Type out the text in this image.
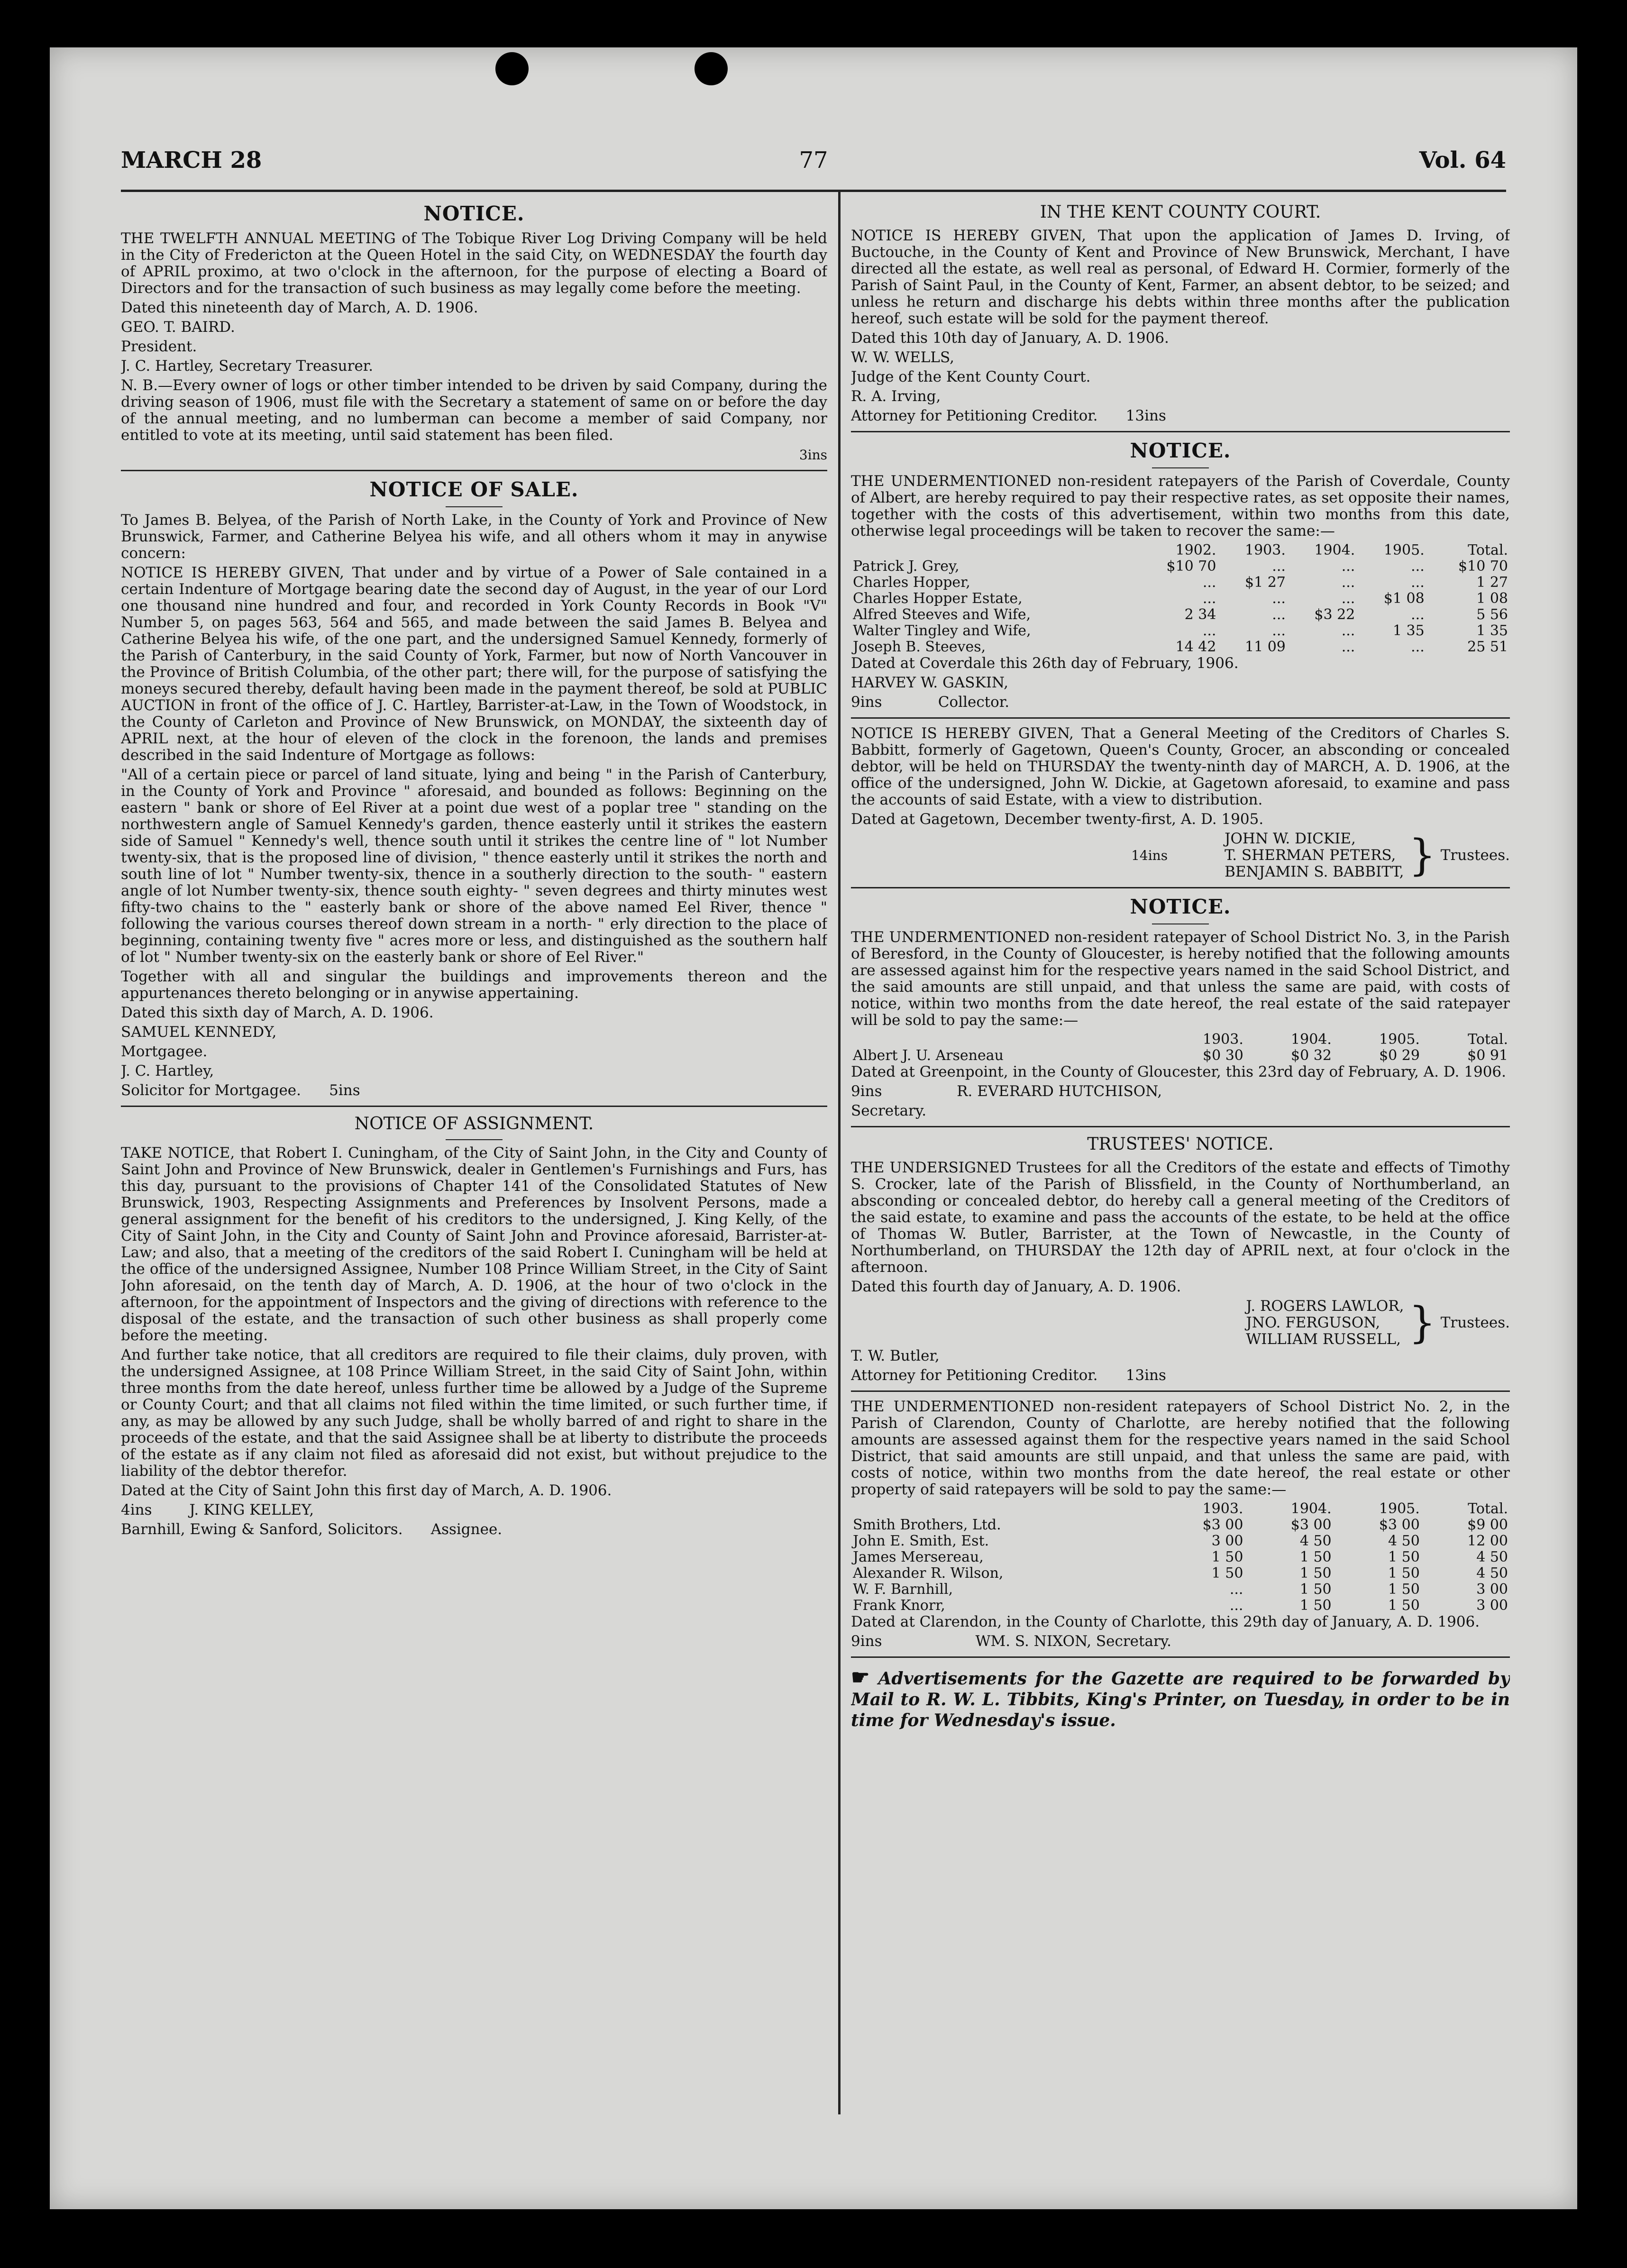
MARCH 28	77	Vol. 64
NOTICE.

THE TWELFTH ANNUAL MEETING of The Tobique River Log Driving Company will be held in the City of Fredericton at the Queen Hotel in the said City, on WEDNESDAY the fourth day of APRIL proximo, at two o'clock in the afternoon, for the purpose of electing a Board of Directors and for the transaction of such business as may legally come before the meeting.

Dated this nineteenth day of March, A. D. 1906.

GEO. T. BAIRD.

President.

J. C. Hartley, Secretary Treasurer.

N. B.—Every owner of logs or other timber intended to be driven by said Company, during the driving season of 1906, must file with the Secretary a statement of same on or before the day of the annual meeting, and no lumberman can become a member of said Company, nor entitled to vote at its meeting, until said statement has been filed.

3ins
NOTICE OF SALE.

To James B. Belyea, of the Parish of North Lake, in the County of York and Province of New Brunswick, Farmer, and Catherine Belyea his wife, and all others whom it may in anywise concern:

NOTICE IS HEREBY GIVEN, That under and by virtue of a Power of Sale contained in a certain Indenture of Mortgage bearing date the second day of August, in the year of our Lord one thousand nine hundred and four, and recorded in York County Records in Book "V" Number 5, on pages 563, 564 and 565, and made between the said James B. Belyea and Catherine Belyea his wife, of the one part, and the undersigned Samuel Kennedy, formerly of the Parish of Canterbury, in the said County of York, Farmer, but now of North Vancouver in the Province of British Columbia, of the other part; there will, for the purpose of satisfying the moneys secured thereby, default having been made in the payment thereof, be sold at PUBLIC AUCTION in front of the office of J. C. Hartley, Barrister-at-Law, in the Town of Woodstock, in the County of Carleton and Province of New Brunswick, on MONDAY, the sixteenth day of APRIL next, at the hour of eleven of the clock in the forenoon, the lands and premises described in the said Indenture of Mortgage as follows:

"All of a certain piece or parcel of land situate, lying and being " in the Parish of Canterbury, in the County of York and Province " aforesaid, and bounded as follows: Beginning on the eastern " bank or shore of Eel River at a point due west of a poplar tree " standing on the northwestern angle of Samuel Kennedy's garden, thence easterly until it strikes the eastern side of Samuel " Kennedy's well, thence south until it strikes the centre line of " lot Number twenty-six, that is the proposed line of division, " thence easterly until it strikes the north and south line of lot " Number twenty-six, thence in a southerly direction to the south- " eastern angle of lot Number twenty-six, thence south eighty- " seven degrees and thirty minutes west fifty-two chains to the " easterly bank or shore of the above named Eel River, thence " following the various courses thereof down stream in a north- " erly direction to the place of beginning, containing twenty five " acres more or less, and distinguished as the southern half of lot " Number twenty-six on the easterly bank or shore of Eel River."

Together with all and singular the buildings and improvements thereon and the appurtenances thereto belonging or in anywise appertaining.

Dated this sixth day of March, A. D. 1906.

SAMUEL KENNEDY,

Mortgagee.

J. C. Hartley,

Solicitor for Mortgagee. 5ins

NOTICE OF ASSIGNMENT.

TAKE NOTICE, that Robert I. Cuningham, of the City of Saint John, in the City and County of Saint John and Province of New Brunswick, dealer in Gentlemen's Furnishings and Furs, has this day, pursuant to the provisions of Chapter 141 of the Consolidated Statutes of New Brunswick, 1903, Respecting Assignments and Preferences by Insolvent Persons, made a general assignment for the benefit of his creditors to the undersigned, J. King Kelly, of the City of Saint John, in the City and County of Saint John and Province aforesaid, Barrister-at-Law; and also, that a meeting of the creditors of the said Robert I. Cuningham will be held at the office of the undersigned Assignee, Number 108 Prince William Street, in the City of Saint John aforesaid, on the tenth day of March, A. D. 1906, at the hour of two o'clock in the afternoon, for the appointment of Inspectors and the giving of directions with reference to the disposal of the estate, and the transaction of such other business as shall properly come before the meeting.

And further take notice, that all creditors are required to file their claims, duly proven, with the undersigned Assignee, at 108 Prince William Street, in the said City of Saint John, within three months from the date hereof, unless further time be allowed by a Judge of the Supreme or County Court; and that all claims not filed within the time limited, or such further time, if any, as may be allowed by any such Judge, shall be wholly barred of and right to share in the proceeds of the estate, and that the said Assignee shall be at liberty to distribute the proceeds of the estate as if any claim not filed as aforesaid did not exist, but without prejudice to the liability of the debtor therefor.

Dated at the City of Saint John this first day of March, A. D. 1906.

4ins	J. KING KELLEY,

Barnhill, Ewing & Sanford, Solicitors. Assignee.

IN THE KENT COUNTY COURT.

NOTICE IS HEREBY GIVEN, That upon the application of James D. Irving, of Buctouche, in the County of Kent and Province of New Brunswick, Merchant, I have directed all the estate, as well real as personal, of Edward H. Cormier, formerly of the Parish of Saint Paul, in the County of Kent, Farmer, an absent debtor, to be seized; and unless he return and discharge his debts within three months after the publication hereof, such estate will be sold for the payment thereof.

Dated this 10th day of January, A. D. 1906.

W. W. WELLS,

Judge of the Kent County Court.

R. A. Irving,

Attorney for Petitioning Creditor. 13ins

NOTICE.

THE UNDERMENTIONED non-resident ratepayers of the Parish of Coverdale, County of Albert, are hereby required to pay their respective rates, as set opposite their names, together with the costs of this advertisement, within two months from this date, otherwise legal proceedings will be taken to recover the same:—

	1902.	1903.	1904.	1905.	Total.
Patrick J. Grey,	$10 70	...	...	...	$10 70
Charles Hopper,	...	$1 27	...	...	1 27
Charles Hopper Estate,	...	...	...	$1 08	1 08
Alfred Steeves and Wife,	2 34	...	$3 22	...	5 56
Walter Tingley and Wife,	...	...	...	1 35	1 35
Joseph B. Steeves,	14 42	11 09	...	...	25 51

Dated at Coverdale this 26th day of February, 1906.

HARVEY W. GASKIN,

9ins	Collector.

NOTICE IS HEREBY GIVEN, That a General Meeting of the Creditors of Charles S. Babbitt, formerly of Gagetown, Queen's County, Grocer, an absconding or concealed debtor, will be held on THURSDAY the twenty-ninth day of MARCH, A. D. 1906, at the office of the undersigned, John W. Dickie, at Gagetown aforesaid, to examine and pass the accounts of said Estate, with a view to distribution.

Dated at Gagetown, December twenty-first, A. D. 1905.

14ins
JOHN W. DICKIE,
T. SHERMAN PETERS,
BENJAMIN S. BABBITT, } Trustees.
NOTICE.

THE UNDERMENTIONED non-resident ratepayer of School District No. 3, in the Parish of Beresford, in the County of Gloucester, is hereby notified that the following amounts are assessed against him for the respective years named in the said School District, and the said amounts are still unpaid, and that unless the same are paid, with costs of notice, within two months from the date hereof, the real estate of the said ratepayer will be sold to pay the same:—

	1903.	1904.	1905.	Total.
Albert J. U. Arseneau	$0 30	$0 32	$0 29	$0 91

Dated at Greenpoint, in the County of Gloucester, this 23rd day of February, A. D. 1906.

9ins	R. EVERARD HUTCHISON,

Secretary.

TRUSTEES' NOTICE.

THE UNDERSIGNED Trustees for all the Creditors of the estate and effects of Timothy S. Crocker, late of the Parish of Blissfield, in the County of Northumberland, an absconding or concealed debtor, do hereby call a general meeting of the Creditors of the said estate, to examine and pass the accounts of the estate, to be held at the office of Thomas W. Butler, Barrister, at the Town of Newcastle, in the County of Northumberland, on THURSDAY the 12th day of APRIL next, at four o'clock in the afternoon.

Dated this fourth day of January, A. D. 1906.

J. ROGERS LAWLOR,
JNO. FERGUSON,
WILLIAM RUSSELL, } Trustees.

T. W. Butler,

Attorney for Petitioning Creditor. 13ins

THE UNDERMENTIONED non-resident ratepayers of School District No. 2, in the Parish of Clarendon, County of Charlotte, are hereby notified that the following amounts are assessed against them for the respective years named in the said School District, that said amounts are still unpaid, and that unless the same are paid, with costs of notice, within two months from the date hereof, the real estate or other property of said ratepayers will be sold to pay the same:—

	1903.	1904.	1905.	Total.
Smith Brothers, Ltd.	$3 00	$3 00	$3 00	$9 00
John E. Smith, Est.	3 00	4 50	4 50	12 00
James Mersereau,	1 50	1 50	1 50	4 50
Alexander R. Wilson,	1 50	1 50	1 50	4 50
W. F. Barnhill,	...	1 50	1 50	3 00
Frank Knorr,	...	1 50	1 50	3 00

Dated at Clarendon, in the County of Charlotte, this 29th day of January, A. D. 1906.

9ins	WM. S. NIXON, Secretary.

☛ Advertisements for the Gazette are required to be forwarded by Mail to R. W. L. Tibbits, King's Printer, on Tuesday, in order to be in time for Wednesday's issue.
